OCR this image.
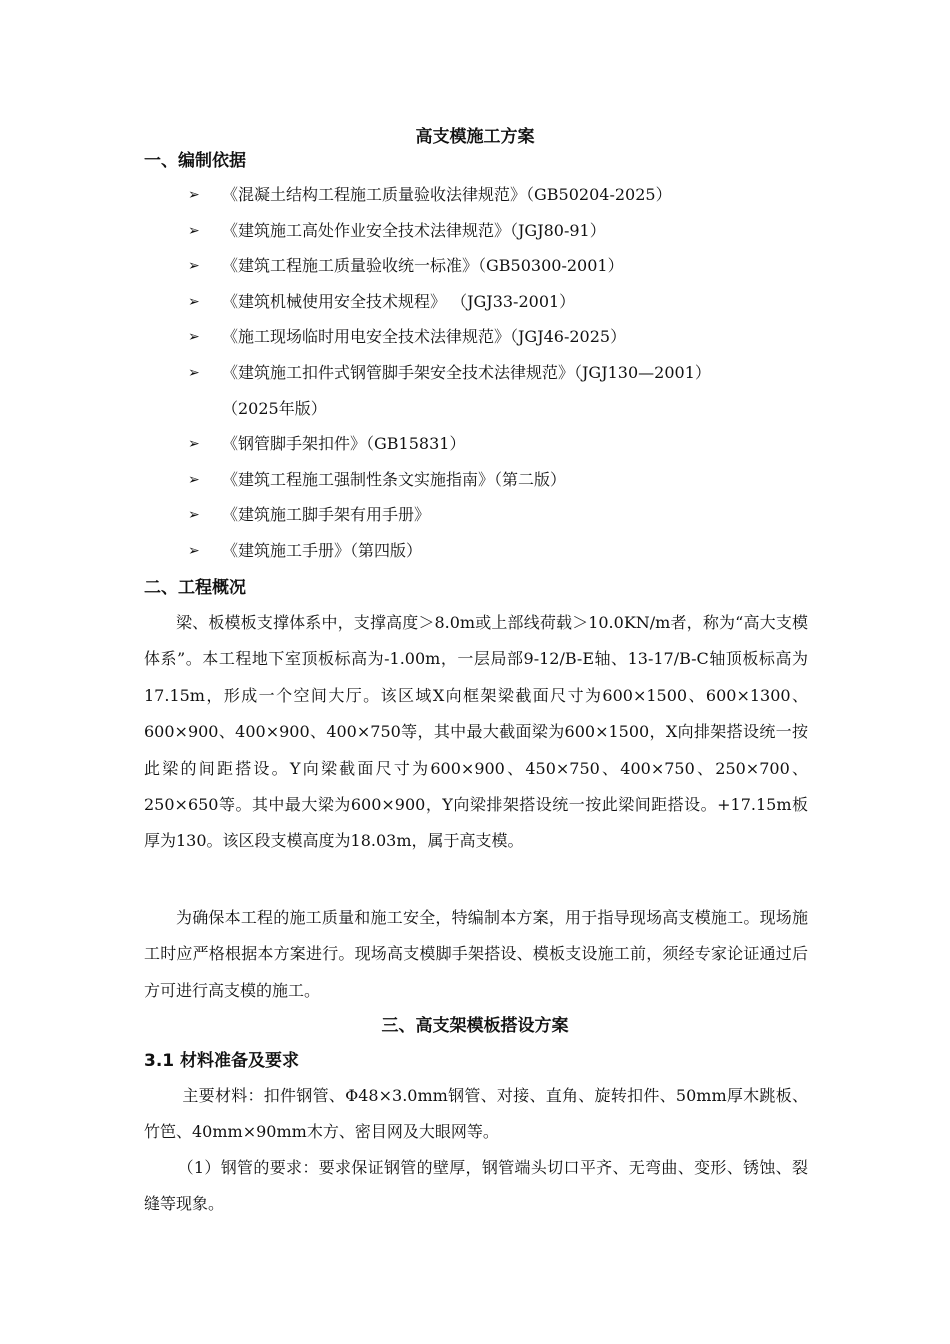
高支模施工方案
一、编制依据
➢ 《混凝土结构工程施工质量验收法律规范》（GB50204-2025）
➢ 《建筑施工高处作业安全技术法律规范》（JGJ80-91）
➢ 《建筑工程施工质量验收统一标准》（GB50300-2001）
➢ 《建筑机械使用安全技术规程》 （JGJ33-2001）
➢ 《施工现场临时用电安全技术法律规范》（JGJ46-2025）
➢ 《建筑施工扣件式钢管脚手架安全技术法律规范》（JGJ130—2001）
（2025年版）
➢ 《钢管脚手架扣件》（GB15831）
➢ 《建筑工程施工强制性条文实施指南》（第二版）
➢ 《建筑施工脚手架有用手册》
➢ 《建筑施工手册》（第四版）
二、工程概况

梁、板模板支撑体系中，支撑高度＞8.0m或上部线荷载＞10.0KN/m者，称为“高大支模体系”。本工程地下室顶板标高为-1.00m，一层局部9-12/B-E轴、13-17/B-C轴顶板标高为17.15m，形成一个空间大厅。该区域X向框架梁截面尺寸为600×1500、600×1300、600×900、400×900、400×750等，其中最大截面梁为600×1500，X向排架搭设统一按此梁的间距搭设。Y向梁截面尺寸为600×900、450×750、400×750、250×700、250×650等。其中最大梁为600×900，Y向梁排架搭设统一按此梁间距搭设。+17.15m板厚为130。该区段支模高度为18.03m，属于高支模。

为确保本工程的施工质量和施工安全，特编制本方案，用于指导现场高支模施工。现场施工时应严格根据本方案进行。现场高支模脚手架搭设、模板支设施工前，须经专家论证通过后方可进行高支模的施工。

三、高支架模板搭设方案
3.1 材料准备及要求

主要材料：扣件钢管、Φ48×3.0mm钢管、对接、直角、旋转扣件、50mm厚木跳板、竹笆、40mm×90mm木方、密目网及大眼网等。

（1）钢管的要求：要求保证钢管的壁厚，钢管端头切口平齐、无弯曲、变形、锈蚀、裂缝等现象。
